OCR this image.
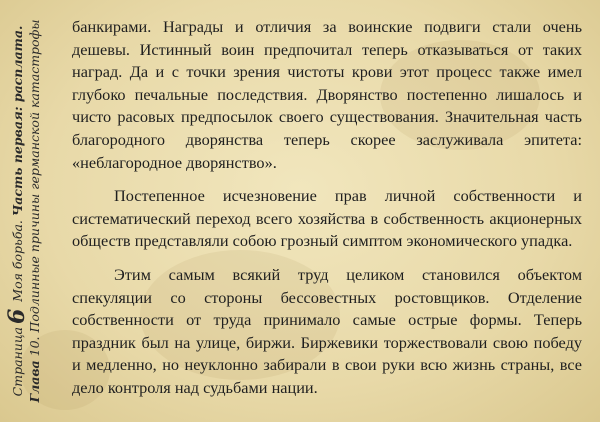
Страница6 Моя борьба. Часть первая: расплата.
Глава 10. Подлинные причины германской катастрофы банкирами. Награды и отличия за воинские подвиги стали очень дешевы. Истинный воин предпочитал теперь отказываться от таких наград. Да и с точки зрения чистоты крови этот процесс также имел глубоко печальные последствия. Дворянство постепенно лишалось и чисто расовых предпосылок своего существования. Значительная часть благородного дворянства теперь скорее заслуживала эпитета: «неблагородное дворянство».

Постепенное исчезновение прав личной собственности и систематический переход всего хозяйства в собственность акционерных обществ представляли собою грозный симптом экономического упадка.

Этим самым всякий труд целиком становился объектом спекуляции со стороны бессовестных ростовщиков. Отделение собственности от труда принимало самые острые формы. Теперь праздник был на улице, биржи. Биржевики торжествовали свою победу и медленно, но неуклонно забирали в свои руки всю жизнь страны, все дело контроля над судьбами нации.
